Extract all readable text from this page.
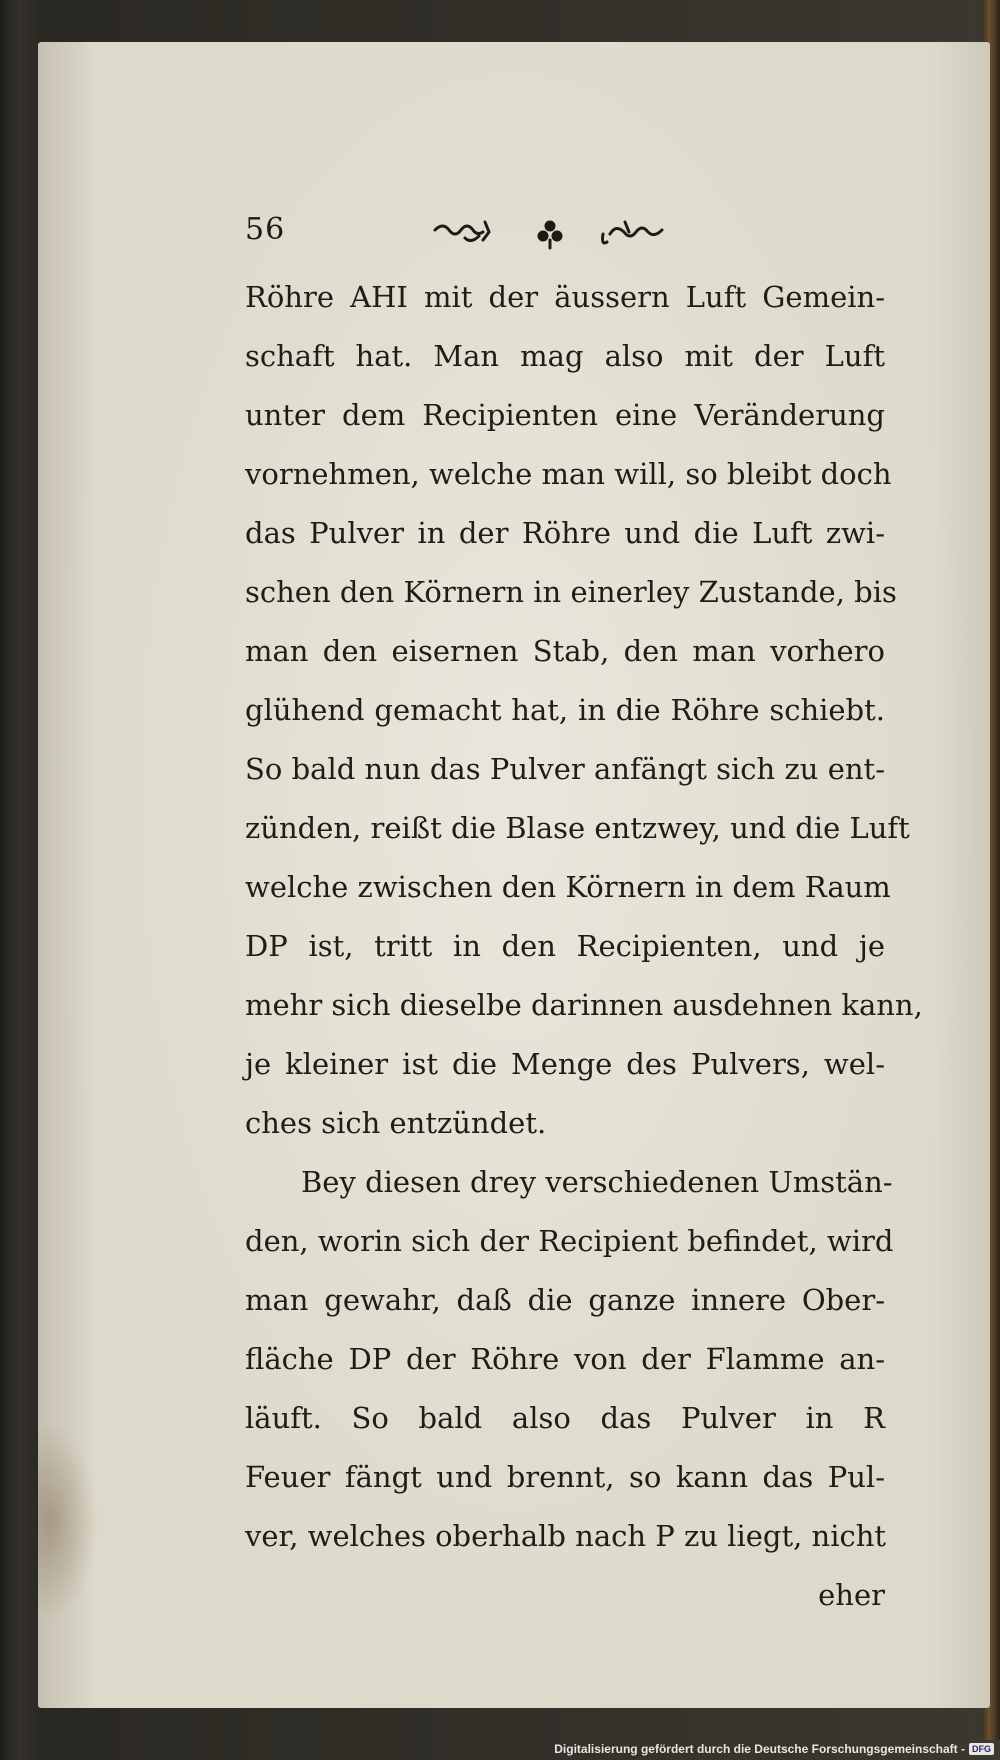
56
Röhre AHI mit der äussern Luft Gemein-
schaft hat. Man mag also mit der Luft
unter dem Recipienten eine Veränderung
vornehmen, welche man will, so bleibt doch
das Pulver in der Röhre und die Luft zwi-
schen den Körnern in einerley Zustande, bis
man den eisernen Stab, den man vorhero
glühend gemacht hat, in die Röhre schiebt.
So bald nun das Pulver anfängt sich zu ent-
zünden, reißt die Blase entzwey, und die Luft
welche zwischen den Körnern in dem Raum
DP ist, tritt in den Recipienten, und je
mehr sich dieselbe darinnen ausdehnen kann,
je kleiner ist die Menge des Pulvers, wel-
ches sich entzündet.
Bey diesen drey verschiedenen Umstän-
den, worin sich der Recipient befindet, wird
man gewahr, daß die ganze innere Ober-
fläche DP der Röhre von der Flamme an-
läuft. So bald also das Pulver in R
Feuer fängt und brennt, so kann das Pul-
ver, welches oberhalb nach P zu liegt, nicht
eher
Digitalisierung gefördert durch die Deutsche Forschungsgemeinschaft - DFG
